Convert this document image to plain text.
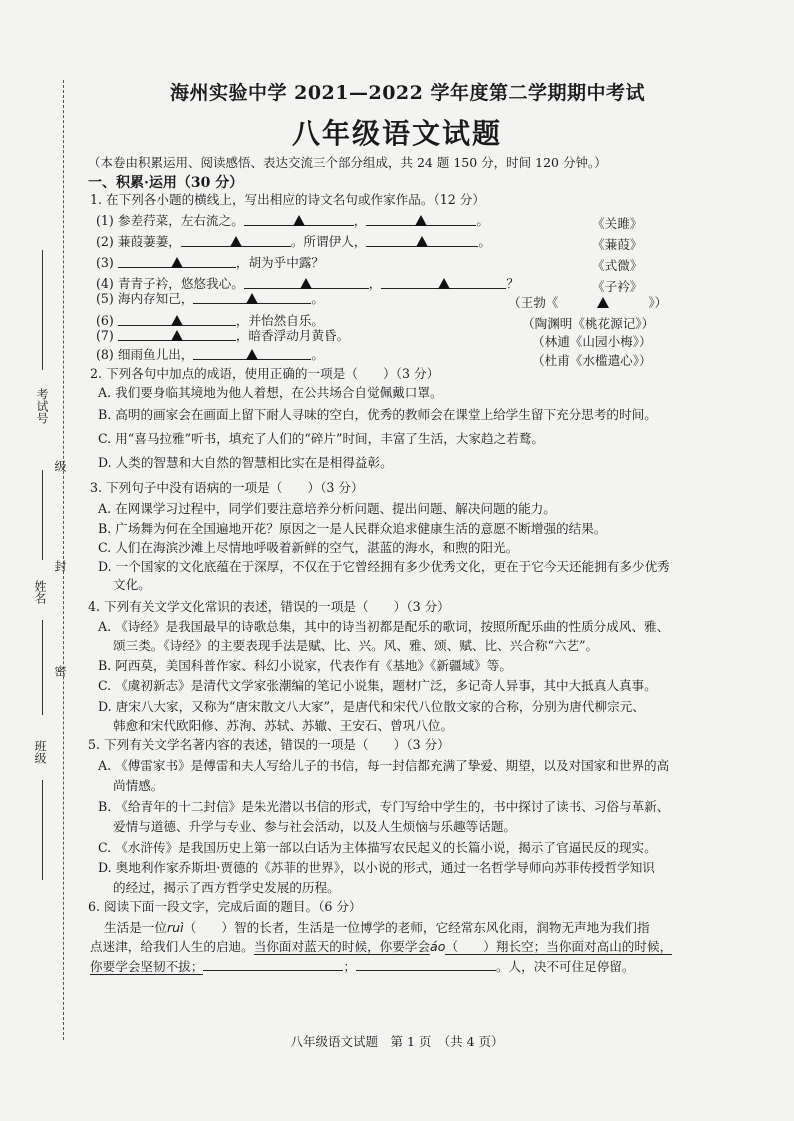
考试号
级
姓名
封
密
班级
海州实验中学 2021—2022 学年度第二学期期中考试
八年级语文试题
（本卷由积累运用、阅读感悟、表达交流三个部分组成，共 24 题 150 分，时间 120 分钟。）
一、积累·运用（30 分）
1. 在下列各小题的横线上，写出相应的诗文名句或作家作品。（12 分）
(1) 参差荇菜，左右流之。	，	。	《关雎》
(2) 蒹葭萋萋，	。所谓伊人，	。	《蒹葭》
(3)	，胡为乎中露？	《式微》
(4) 青青子衿，悠悠我心。	，	？	《子衿》
(5) 海内存知己，	。	（王勃《	》）
(6)	，并怡然自乐。	（陶渊明《桃花源记》）
(7)	，暗香浮动月黄昏。	（林逋《山园小梅》）
(8) 细雨鱼儿出，	。	（杜甫《水槛遣心》）
2. 下列各句中加点的成语，使用正确的一项是（　　）（3 分）
A. 我们要身临其境地为他人着想，在公共场合自觉佩戴口罩。
B. 高明的画家会在画面上留下耐人寻味的空白，优秀的教师会在课堂上给学生留下充分思考的时间。
C. 用“喜马拉雅”听书，填充了人们的“碎片”时间，丰富了生活，大家趋之若鹜。
D. 人类的智慧和大自然的智慧相比实在是相得益彰。
3. 下列句子中没有语病的一项是（　　）（3 分）
A. 在网课学习过程中，同学们要注意培养分析问题、提出问题、解决问题的能力。
B. 广场舞为何在全国遍地开花？原因之一是人民群众追求健康生活的意愿不断增强的结果。
C. 人们在海滨沙滩上尽情地呼吸着新鲜的空气，湛蓝的海水，和煦的阳光。
D. 一个国家的文化底蕴在于深厚，不仅在于它曾经拥有多少优秀文化，更在于它今天还能拥有多少优秀
文化。
4. 下列有关文学文化常识的表述，错误的一项是（　　）（3 分）
A. 《诗经》是我国最早的诗歌总集，其中的诗当初都是配乐的歌词，按照所配乐曲的性质分成风、雅、
颂三类。《诗经》的主要表现手法是赋、比、兴。风、雅、颂、赋、比、兴合称“六艺”。
B. 阿西莫，美国科普作家、科幻小说家，代表作有《基地》《新疆域》等。
C. 《虞初新志》是清代文学家张潮编的笔记小说集，题材广泛，多记奇人异事，其中大抵真人真事。
D. 唐宋八大家，又称为“唐宋散文八大家”，是唐代和宋代八位散文家的合称，分别为唐代柳宗元、
韩愈和宋代欧阳修、苏洵、苏轼、苏辙、王安石、曾巩八位。
5. 下列有关文学名著内容的表述，错误的一项是（　　）（3 分）
A. 《傅雷家书》是傅雷和夫人写给儿子的书信，每一封信都充满了挚爱、期望，以及对国家和世界的高
尚情感。
B. 《给青年的十二封信》是朱光潜以书信的形式，专门写给中学生的，书中探讨了读书、习俗与革新、
爱情与道德、升学与专业、参与社会活动，以及人生烦恼与乐趣等话题。
C. 《水浒传》是我国历史上第一部以白话为主体描写农民起义的长篇小说，揭示了官逼民反的现实。
D. 奥地利作家乔斯坦·贾德的《苏菲的世界》，以小说的形式，通过一名哲学导师向苏菲传授哲学知识
的经过，揭示了西方哲学史发展的历程。
6. 阅读下面一段文字，完成后面的题目。（6 分）
生活是一位ruì（　　）智的长者，生活是一位博学的老师，它经常东风化雨，润物无声地为我们指
点迷津，给我们人生的启迪。当你面对蓝天的时候，你要学会áo（　　）翔长空；当你面对高山的时候，
你要学会坚韧不拔；	；	。人，决不可住足停留。
八年级语文试题　第 1 页　（共 4 页）
